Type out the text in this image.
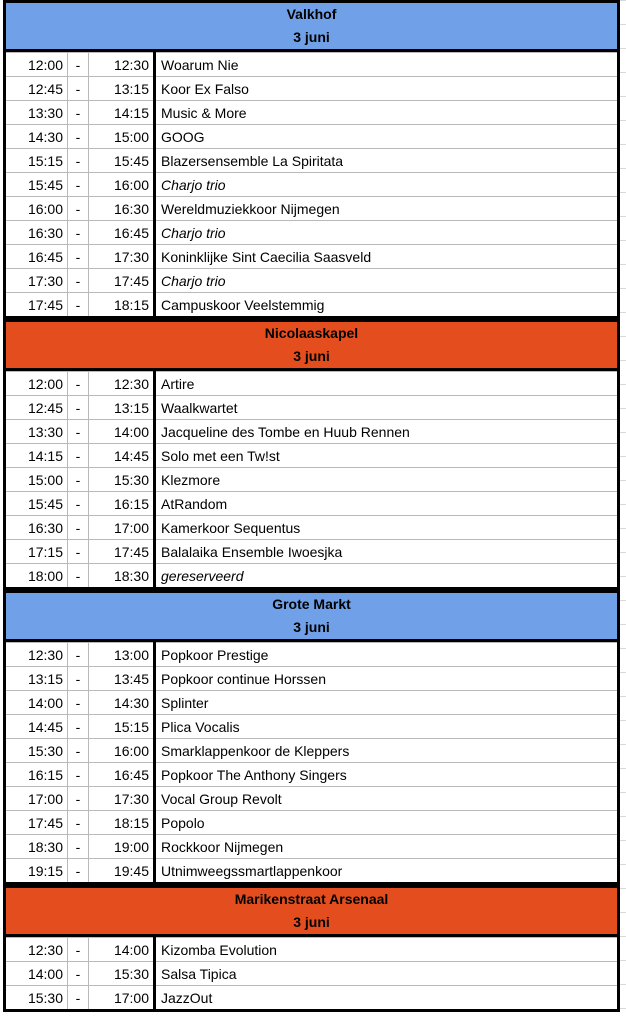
Valkhof
3 juni
12:00	-	12:30	Woarum Nie
12:45	-	13:15	Koor Ex Falso
13:30	-	14:15	Music & More
14:30	-	15:00	GOOG
15:15	-	15:45	Blazersensemble La Spiritata
15:45	-	16:00	Charjo trio
16:00	-	16:30	Wereldmuziekkoor Nijmegen
16:30	-	16:45	Charjo trio
16:45	-	17:30	Koninklijke Sint Caecilia Saasveld
17:30	-	17:45	Charjo trio
17:45	-	18:15	Campuskoor Veelstemmig
Nicolaaskapel
3 juni
12:00	-	12:30	Artire
12:45	-	13:15	Waalkwartet
13:30	-	14:00	Jacqueline des Tombe en Huub Rennen
14:15	-	14:45	Solo met een Tw!st
15:00	-	15:30	Klezmore
15:45	-	16:15	AtRandom
16:30	-	17:00	Kamerkoor Sequentus
17:15	-	17:45	Balalaika Ensemble Iwoesjka
18:00	-	18:30	gereserveerd
Grote Markt
3 juni
12:30	-	13:00	Popkoor Prestige
13:15	-	13:45	Popkoor continue Horssen
14:00	-	14:30	Splinter
14:45	-	15:15	Plica Vocalis
15:30	-	16:00	Smarklappenkoor de Kleppers
16:15	-	16:45	Popkoor The Anthony Singers
17:00	-	17:30	Vocal Group Revolt
17:45	-	18:15	Popolo
18:30	-	19:00	Rockkoor Nijmegen
19:15	-	19:45	Utnimweegssmartlappenkoor
Marikenstraat Arsenaal
3 juni
12:30	-	14:00	Kizomba Evolution
14:00	-	15:30	Salsa Tipica
15:30	-	17:00	JazzOut
